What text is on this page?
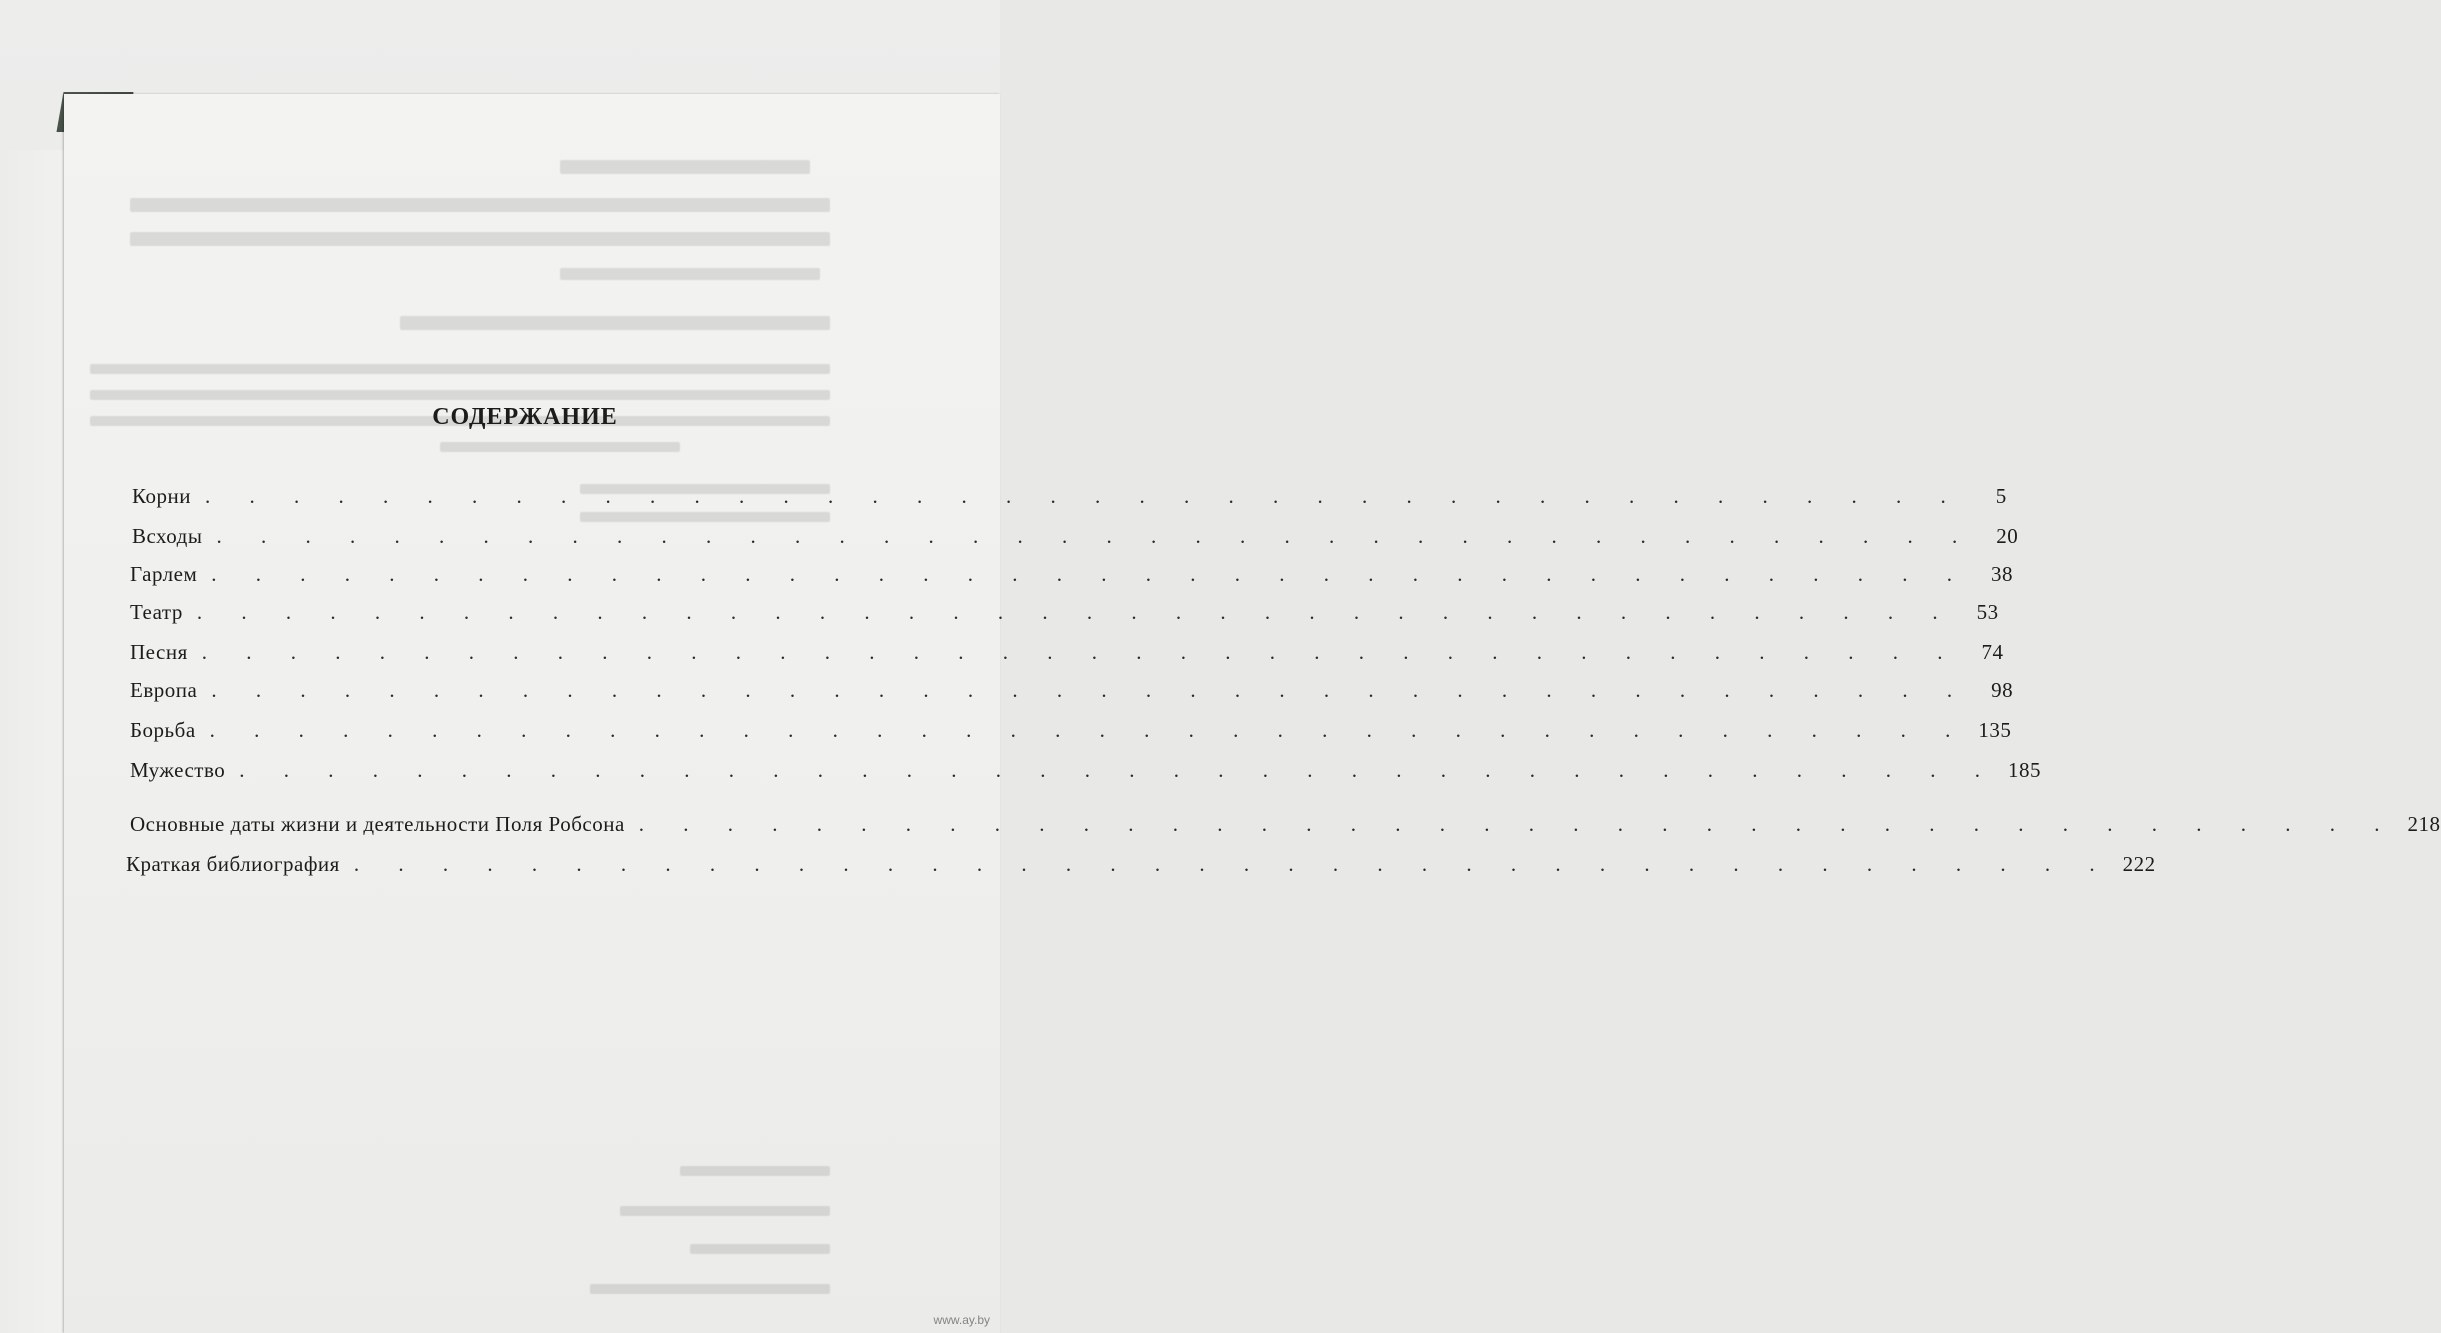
СОДЕРЖАНИЕ
Корни . . . . . . . . . . . . . . . . . . . . . . . . . . . . . . . . . . . . . . . .	5
Всходы . . . . . . . . . . . . . . . . . . . . . . . . . . . . . . . . . . . . . . . .	20
Гарлем . . . . . . . . . . . . . . . . . . . . . . . . . . . . . . . . . . . . . . . .	38
Театр . . . . . . . . . . . . . . . . . . . . . . . . . . . . . . . . . . . . . . . .	53
Песня . . . . . . . . . . . . . . . . . . . . . . . . . . . . . . . . . . . . . . . .	74
Европа . . . . . . . . . . . . . . . . . . . . . . . . . . . . . . . . . . . . . . . .	98
Борьба . . . . . . . . . . . . . . . . . . . . . . . . . . . . . . . . . . . . . . . . 135
Мужество . . . . . . . . . . . . . . . . . . . . . . . . . . . . . . . . . . . . . . . . 185
Основные даты жизни и деятельности Поля Робсона . . . . . . . . . . . . . . . . . . . . . . . . . . . . . . . . . . . . . . . . 218
Краткая библиография . . . . . . . . . . . . . . . . . . . . . . . . . . . . . . . . . . . . . . . . 222
www.ay.by
